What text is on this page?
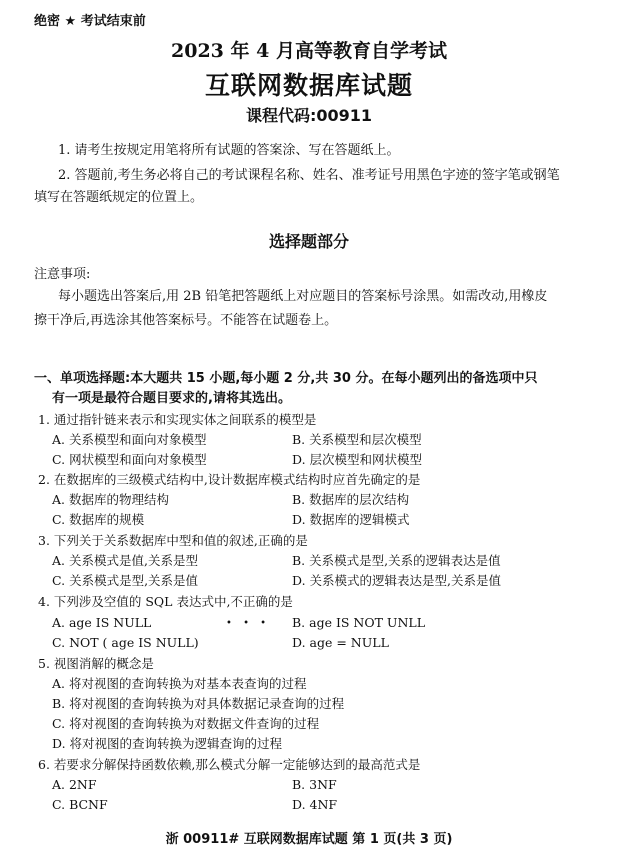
绝密 ★ 考试结束前
2023 年 4 月高等教育自学考试
互联网数据库试题
课程代码:00911
1. 请考生按规定用笔将所有试题的答案涂、写在答题纸上。
2. 答题前,考生务必将自己的考试课程名称、姓名、准考证号用黑色字迹的签字笔或钢笔
填写在答题纸规定的位置上。
选择题部分
注意事项:
每小题选出答案后,用 2B 铅笔把答题纸上对应题目的答案标号涂黑。如需改动,用橡皮
擦干净后,再选涂其他答案标号。不能答在试题卷上。
一、单项选择题:本大题共 15 小题,每小题 2 分,共 30 分。在每小题列出的备选项中只
有一项是最符合题目要求的,请将其选出。
1. 通过指针链来表示和实现实体之间联系的模型是
A. 关系模型和面向对象模型	B. 关系模型和层次模型
C. 网状模型和面向对象模型	D. 层次模型和网状模型
2. 在数据库的三级模式结构中,设计数据库模式结构时应首先确定的是
A. 数据库的物理结构	B. 数据库的层次结构
C. 数据库的规模	D. 数据库的逻辑模式
3. 下列关于关系数据库中型和值的叙述,正确的是
A. 关系模式是值,关系是型	B. 关系模式是型,关系的逻辑表达是值
C. 关系模式是型,关系是值	D. 关系模式的逻辑表达是型,关系是值
4. 下列涉及空值的 SQL 表达式中,不正确的是
• • •
A. age IS NULL	B. age IS NOT UNLL
C. NOT ( age IS NULL)	D. age = NULL
5. 视图消解的概念是
A. 将对视图的查询转换为对基本表查询的过程
B. 将对视图的查询转换为对具体数据记录查询的过程
C. 将对视图的查询转换为对数据文件查询的过程
D. 将对视图的查询转换为逻辑查询的过程
6. 若要求分解保持函数依赖,那么模式分解一定能够达到的最高范式是
A. 2NF	B. 3NF
C. BCNF	D. 4NF
浙 00911# 互联网数据库试题 第 1 页(共 3 页)
